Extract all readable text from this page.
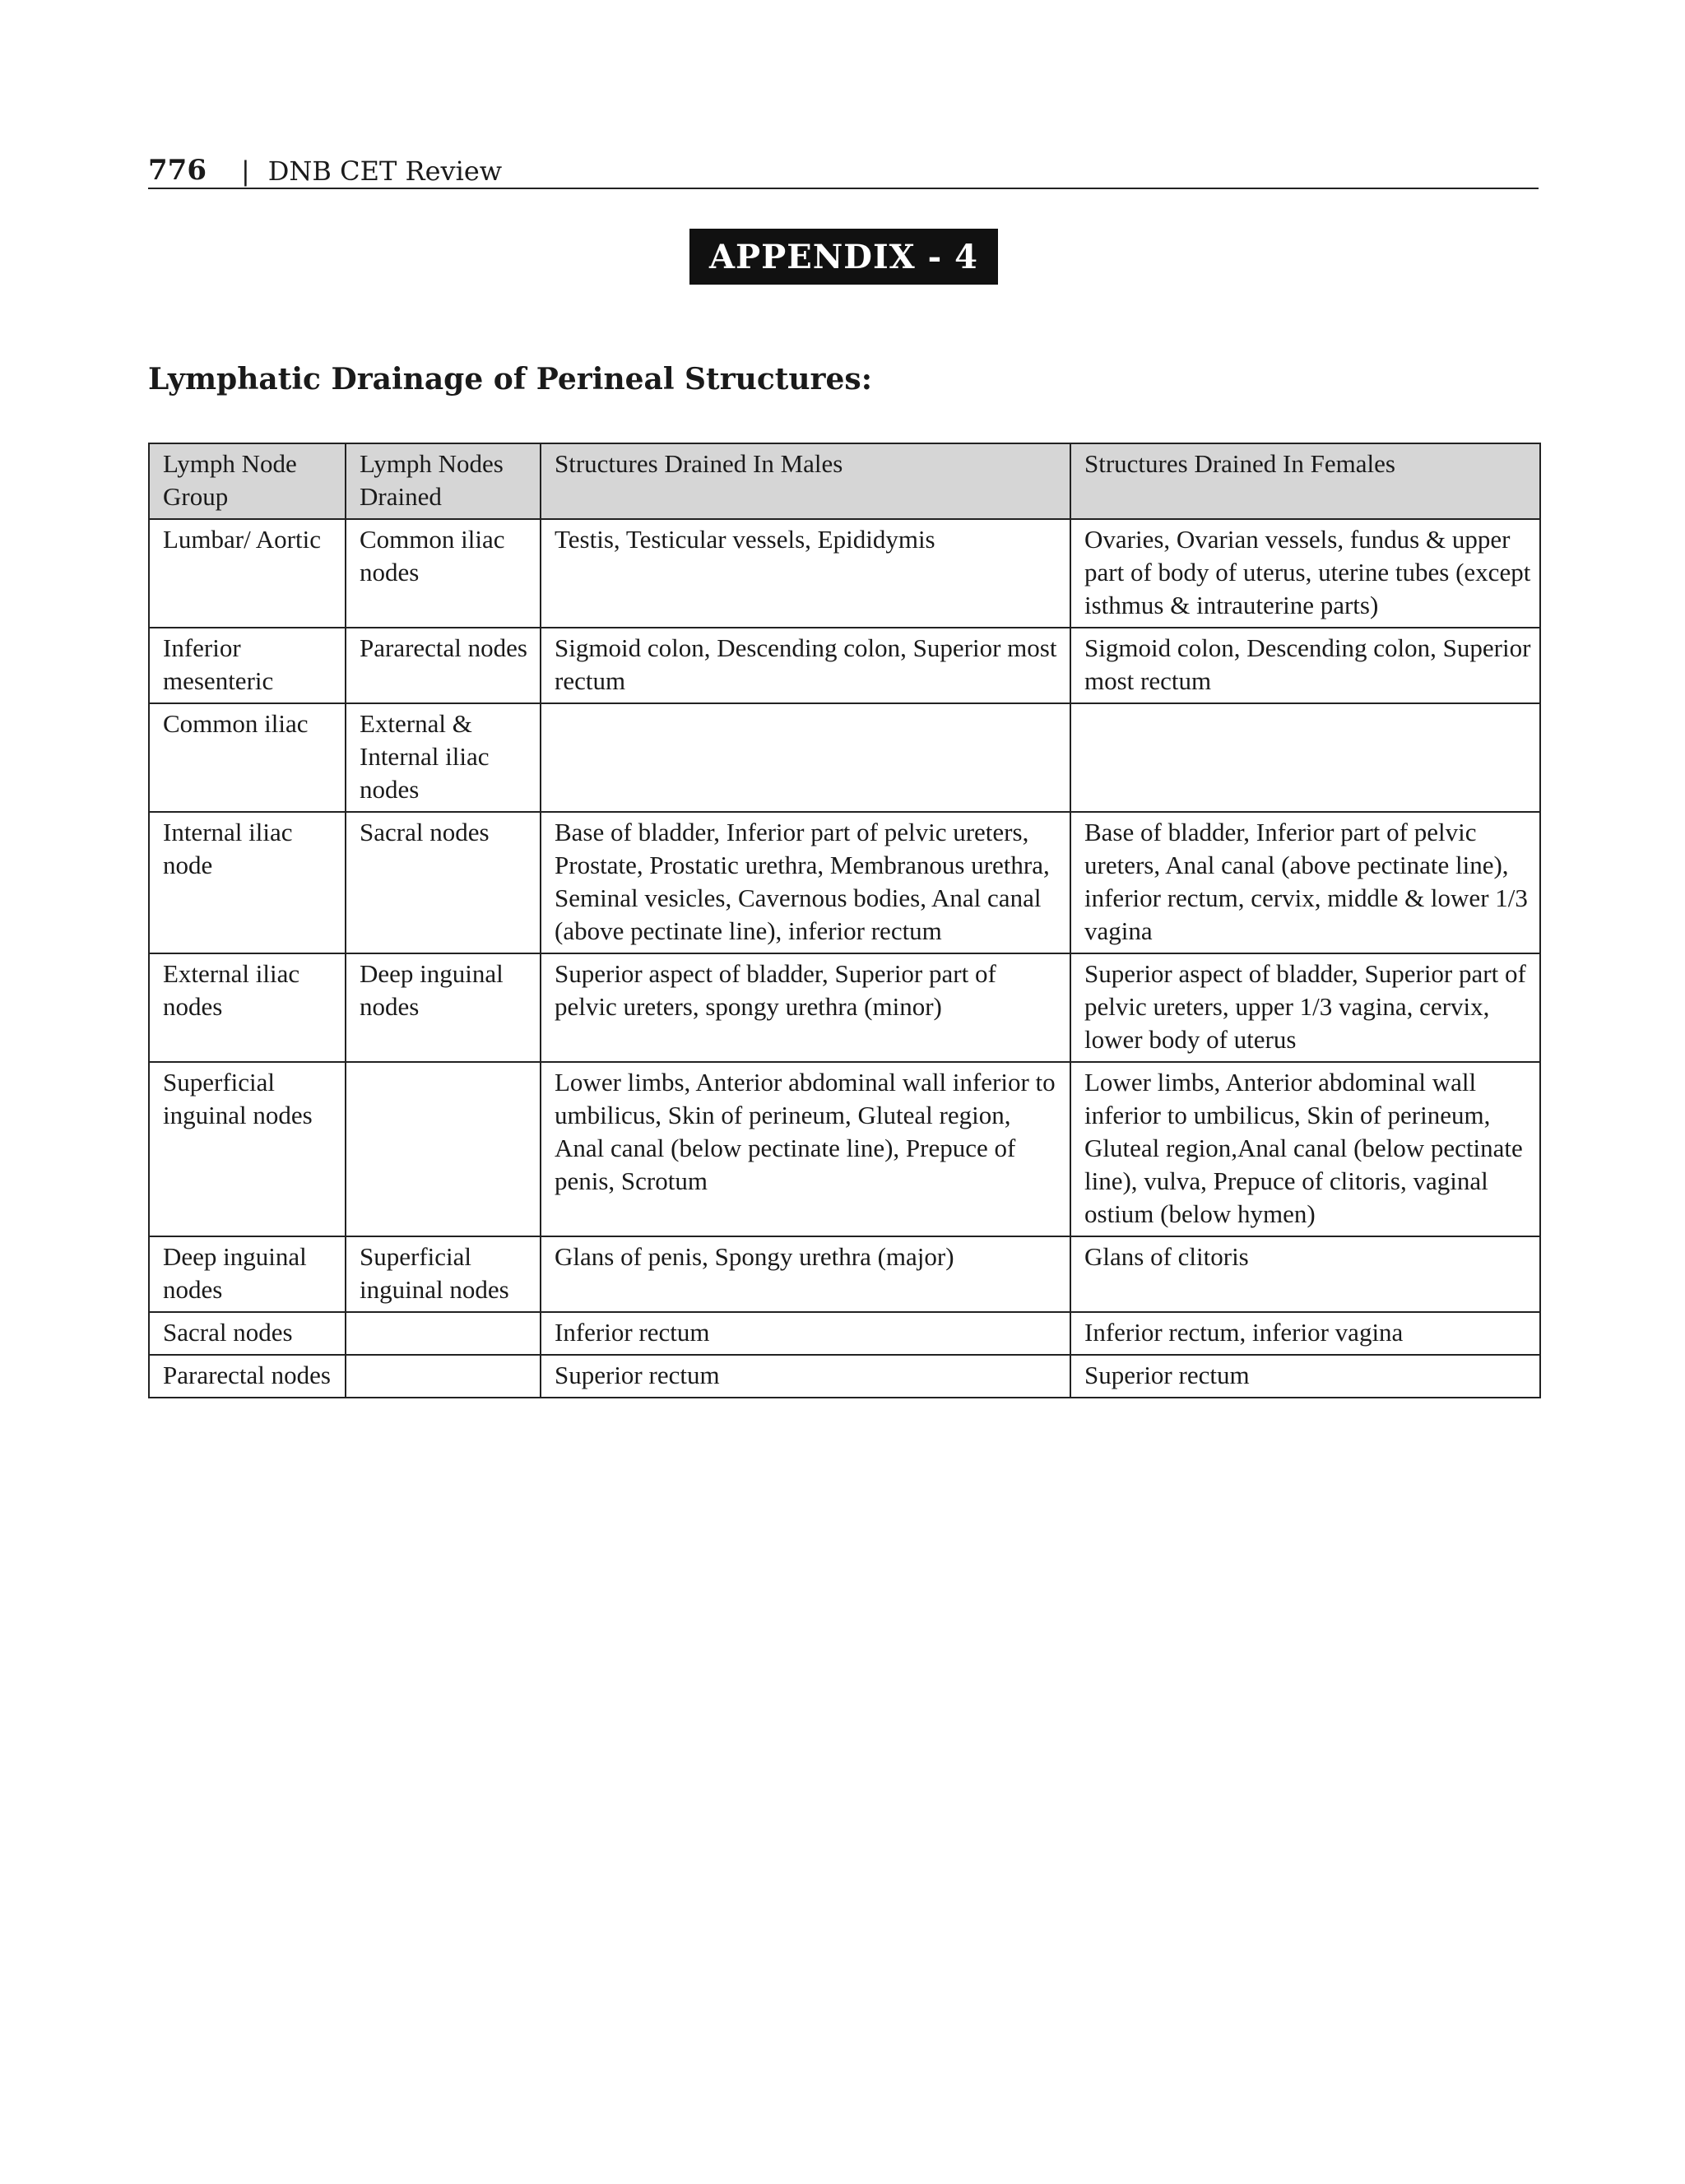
776 | DNB CET Review
APPENDIX - 4
Lymphatic Drainage of Perineal Structures:
Lymph Node Group	Lymph Nodes Drained	Structures Drained In Males	Structures Drained In Females
Lumbar/ Aortic	Common iliac nodes	Testis, Testicular vessels, Epididymis	Ovaries, Ovarian vessels, fundus & upper part of body of uterus, uterine tubes (except isthmus & intrauterine parts)
Inferior mesenteric	Pararectal nodes	Sigmoid colon, Descending colon, Superior most rectum	Sigmoid colon, Descending colon, Superior most rectum
Common iliac	External & Internal iliac nodes		
Internal iliac node	Sacral nodes	Base of bladder, Inferior part of pelvic ureters, Prostate, Prostatic urethra, Membranous urethra, Seminal vesicles, Cavernous bodies, Anal canal (above pectinate line), inferior rectum	Base of bladder, Inferior part of pelvic ureters, Anal canal (above pectinate line), inferior rectum, cervix, middle & lower 1/3 vagina
External iliac nodes	Deep inguinal nodes	Superior aspect of bladder, Superior part of pelvic ureters, spongy urethra (minor)	Superior aspect of bladder, Superior part of pelvic ureters, upper 1/3 vagina, cervix, lower body of uterus
Superficial inguinal nodes		Lower limbs, Anterior abdominal wall inferior to umbilicus, Skin of perineum, Gluteal region, Anal canal (below pectinate line), Prepuce of penis, Scrotum	Lower limbs, Anterior abdominal wall inferior to umbilicus, Skin of perineum, Gluteal region,Anal canal (below pectinate line), vulva, Prepuce of clitoris, vaginal ostium (below hymen)
Deep inguinal nodes	Superficial inguinal nodes	Glans of penis, Spongy urethra (major)	Glans of clitoris
Sacral nodes		Inferior rectum	Inferior rectum, inferior vagina
Pararectal nodes		Superior rectum	Superior rectum
